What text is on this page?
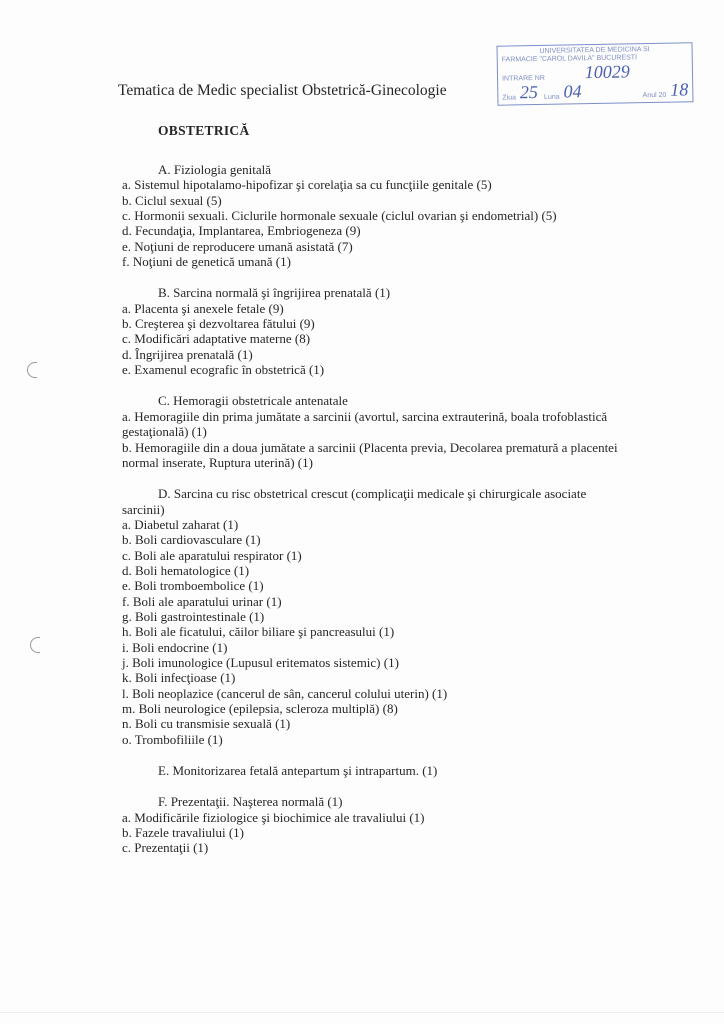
Tematica de Medic specialist Obstetrică-Ginecologie
UNIVERSITATEA DE MEDICINA SI
FARMACIE "CAROL DAVILA" BUCURESTI
INTRARE NR 10029
Ziua 25 Luna 04	Anul 20 18
OBSTETRICĂ
A. Fiziologia genitală
a. Sistemul hipotalamo-hipofizar şi corelaţia sa cu funcţiile genitale (5)
b. Ciclul sexual (5)
c. Hormonii sexuali. Ciclurile hormonale sexuale (ciclul ovarian şi endometrial) (5)
d. Fecundaţia, Implantarea, Embriogeneza (9)
e. Noţiuni de reproducere umană asistată (7)
f. Noţiuni de genetică umană (1)
B. Sarcina normală şi îngrijirea prenatală (1)
a. Placenta şi anexele fetale (9)
b. Creşterea şi dezvoltarea fătului (9)
c. Modificări adaptative materne (8)
d. Îngrijirea prenatală (1)
e. Examenul ecografic în obstetrică (1)
C. Hemoragii obstetricale antenatale
a. Hemoragiile din prima jumătate a sarcinii (avortul, sarcina extrauterină, boala trofoblastică gestaţională) (1)
b. Hemoragiile din a doua jumătate a sarcinii (Placenta previa, Decolarea prematură a placentei normal inserate, Ruptura uterină) (1)
D. Sarcina cu risc obstetrical crescut (complicaţii medicale şi chirurgicale asociate
sarcinii)
a. Diabetul zaharat (1)
b. Boli cardiovasculare (1)
c. Boli ale aparatului respirator (1)
d. Boli hematologice (1)
e. Boli tromboembolice (1)
f. Boli ale aparatului urinar (1)
g. Boli gastrointestinale (1)
h. Boli ale ficatului, căilor biliare şi pancreasului (1)
i. Boli endocrine (1)
j. Boli imunologice (Lupusul eritematos sistemic) (1)
k. Boli infecţioase (1)
l. Boli neoplazice (cancerul de sân, cancerul colului uterin) (1)
m. Boli neurologice (epilepsia, scleroza multiplă) (8)
n. Boli cu transmisie sexuală (1)
o. Trombofiliile (1)
E. Monitorizarea fetală antepartum şi intrapartum. (1)
F. Prezentaţii. Naşterea normală (1)
a. Modificările fiziologice şi biochimice ale travaliului (1)
b. Fazele travaliului (1)
c. Prezentaţii (1)
